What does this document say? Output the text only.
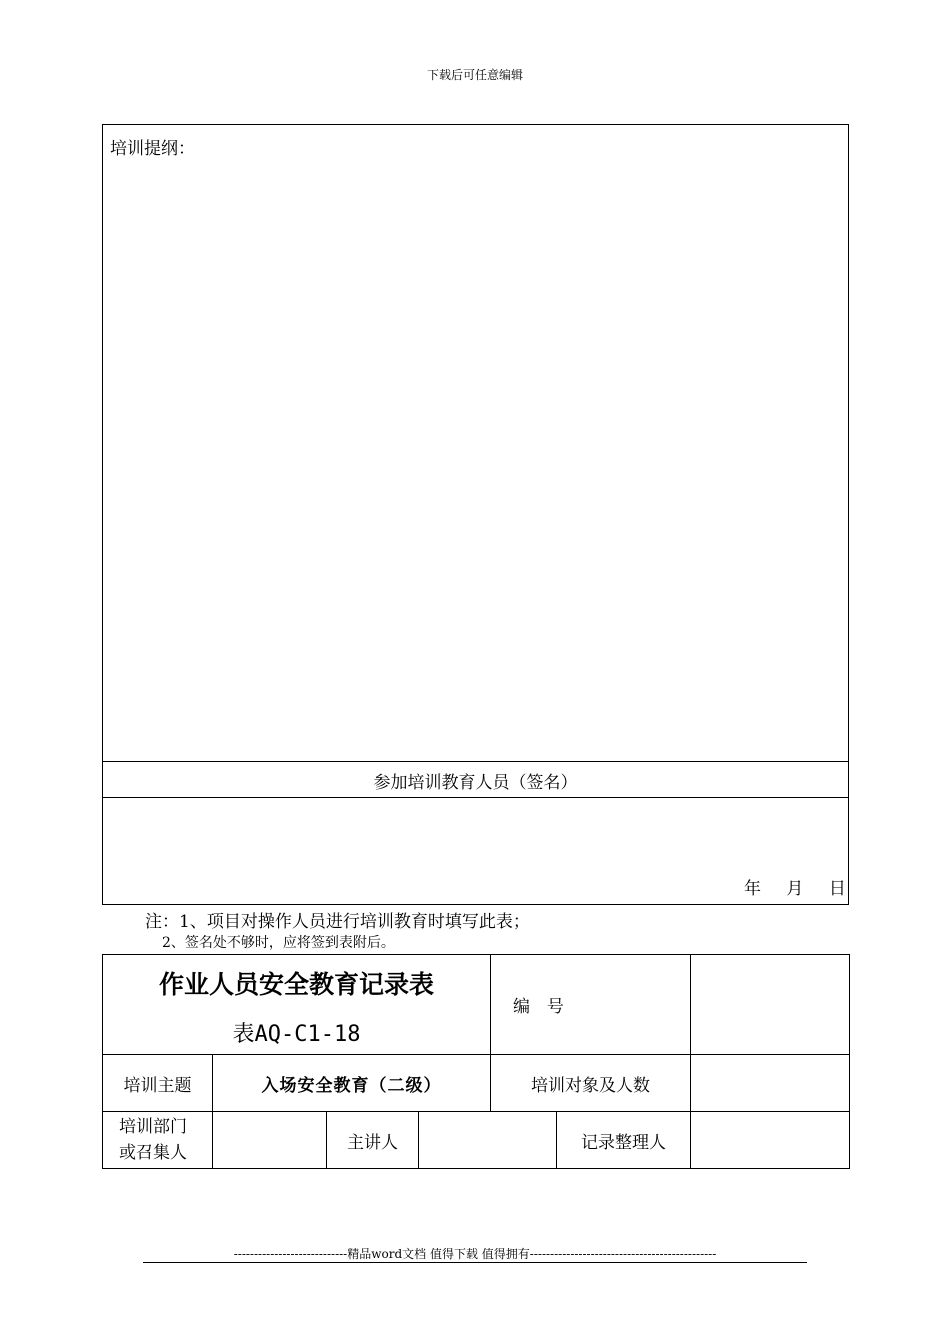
下载后可任意编辑
培训提纲：
参加培训教育人员（签名）
年 月 日
注：1、项目对操作人员进行培训教育时填写此表；
2、签名处不够时，应将签到表附后。
作业人员安全教育记录表
表AQ-C1-18				编  号		
培训主题	入场安全教育（二级）			培训对象及人数		

培训部门
或召集人		主讲人			记录整理人	
----------------------------精品word文档 值得下载 值得拥有----------------------------------------------
